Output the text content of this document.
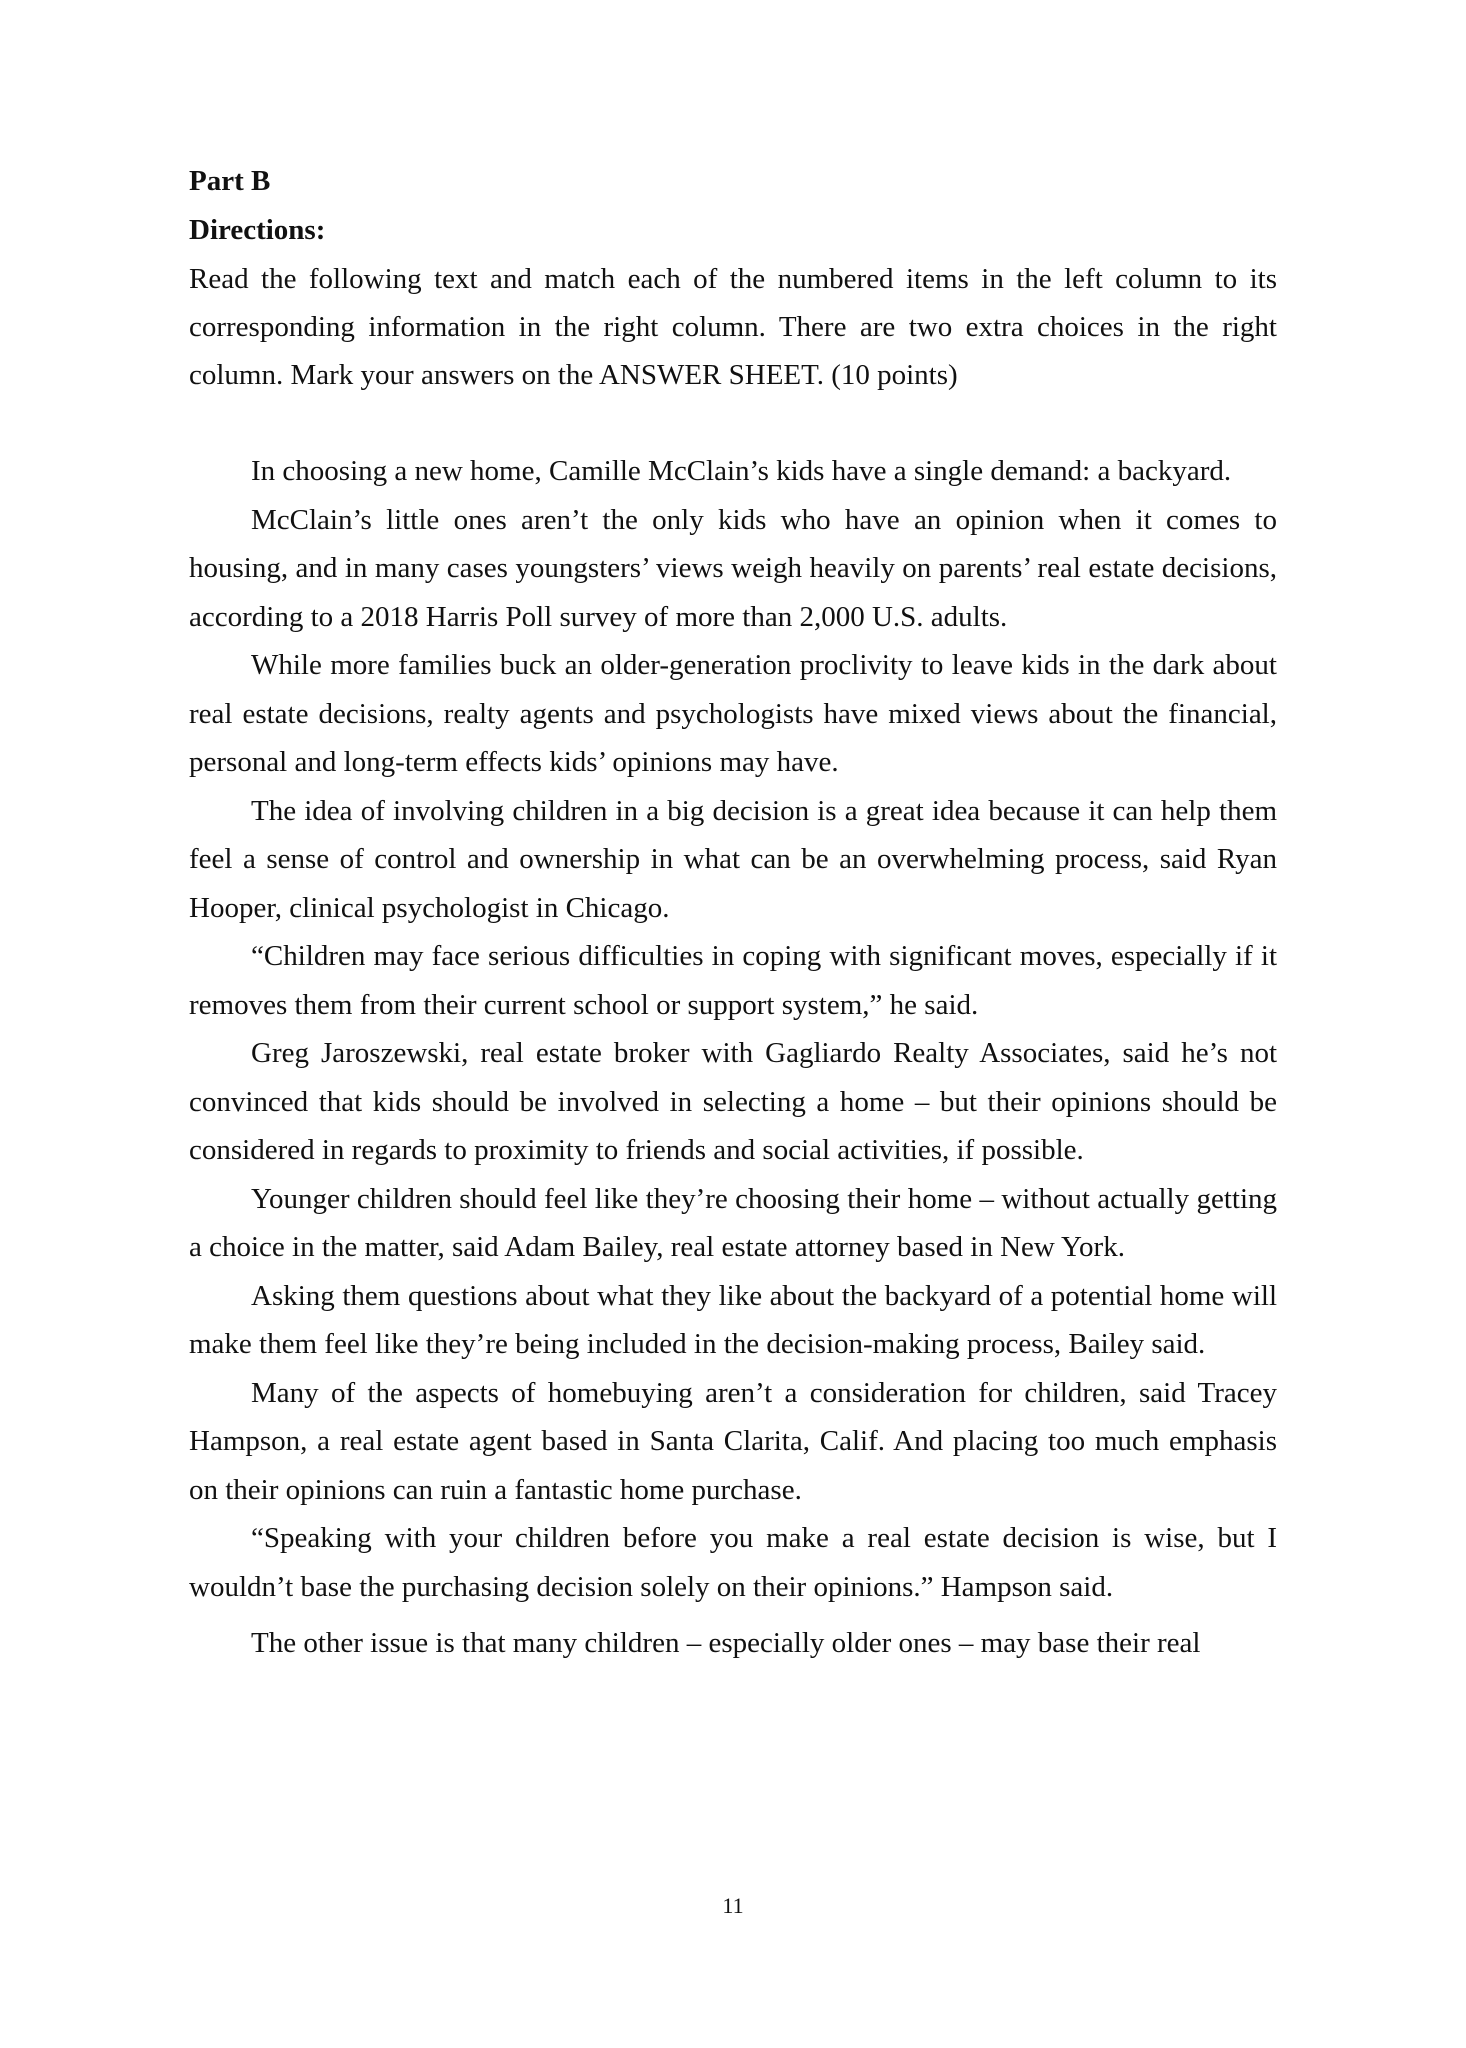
Part B

Directions:

Read the following text and match each of the numbered items in the left column to its corresponding information in the right column. There are two extra choices in the right column. Mark your answers on the ANSWER SHEET. (10 points)

In choosing a new home, Camille McClain’s kids have a single demand: a backyard.

McClain’s little ones aren’t the only kids who have an opinion when it comes to housing, and in many cases youngsters’ views weigh heavily on parents’ real estate decisions, according to a 2018 Harris Poll survey of more than 2,000 U.S. adults.

While more families buck an older-generation proclivity to leave kids in the dark about real estate decisions, realty agents and psychologists have mixed views about the financial, personal and long-term effects kids’ opinions may have.

The idea of involving children in a big decision is a great idea because it can help them feel a sense of control and ownership in what can be an overwhelming process, said Ryan Hooper, clinical psychologist in Chicago.

“Children may face serious difficulties in coping with significant moves, especially if it removes them from their current school or support system,” he said.

Greg Jaroszewski, real estate broker with Gagliardo Realty Associates, said he’s not convinced that kids should be involved in selecting a home – but their opinions should be considered in regards to proximity to friends and social activities, if possible.

Younger children should feel like they’re choosing their home – without actually getting a choice in the matter, said Adam Bailey, real estate attorney based in New York.

Asking them questions about what they like about the backyard of a potential home will make them feel like they’re being included in the decision-making process, Bailey said.

Many of the aspects of homebuying aren’t a consideration for children, said Tracey Hampson, a real estate agent based in Santa Clarita, Calif. And placing too much emphasis on their opinions can ruin a fantastic home purchase.

“Speaking with your children before you make a real estate decision is wise, but I wouldn’t base the purchasing decision solely on their opinions.” Hampson said.

The other issue is that many children – especially older ones – may base their real

11
